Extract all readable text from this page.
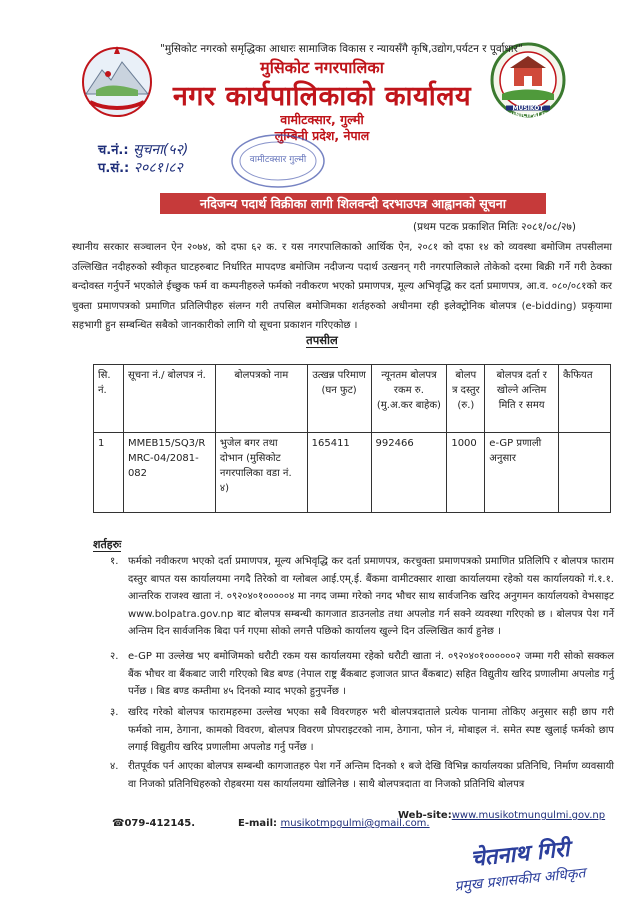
MUSIKOT MUNICIPALITY
"मुसिकोट नगरको समृद्धिका आधारः सामाजिक विकास र न्यायसँगै कृषि,उद्योग,पर्यटन र पूर्वाधार"
मुसिकोट नगरपालिका
नगर कार्यपालिकाको कार्यालय
वामीटक्सार, गुल्मी
लुम्बिनी प्रदेश, नेपाल
च.नं.: सुचना(५२)
प.सं.: २०८१।८२	वामीटक्सार गुल्मी
नदिजन्य पदार्थ विक्रीका लागी शिलवन्दी दरभाउपत्र आह्वानको सूचना
(प्रथम पटक प्रकाशित मितिः २०८१/०८/२७)
स्थानीय सरकार सञ्चालन ऐन २०७४, को दफा ६२ क. र यस नगरपालिकाको आर्थिक ऐन, २०८१ को दफा १४ को व्यवस्था बमोजिम तपसीलमा उल्लिखित नदीहरुको स्वीकृत घाटहरुबाट निर्धारित मापदण्ड बमोजिम नदीजन्य पदार्थ उत्खनन् गरी नगरपालिकाले तोकेको दरमा बिक्री गर्ने गरी ठेक्का बन्दोवस्त गर्नुपर्ने भएकोले ईच्छुक फर्म वा कम्पनीहरुले फर्मको नवीकरण भएको प्रमाणपत्र, मूल्य अभिवृद्धि कर दर्ता प्रमाणपत्र, आ.व. ०८०/०८१को कर चुक्ता प्रमाणपत्रको प्रमाणित प्रतिलिपीहरु संलग्न गरी तपसिल बमोजिमका शर्तहरुको अधीनमा रही इलेक्ट्रोनिक बोलपत्र (e-bidding) प्रकृयामा सहभागी हुन सम्बन्धित सबैको जानकारीको लागि यो सूचना प्रकाशन गरिएकोछ ।
तपसील
सि. नं.	सूचना नं./ बोलपत्र नं.	बोलपत्रको नाम	उत्खन्न परिमाण (घन फुट)	न्यूनतम बोलपत्र रकम रु. (मु.अ.कर बाहेक)	बोलप त्र दस्तुर (रु.)	बोलपत्र दर्ता र खोल्ने अन्तिम मिति र समय	कैफियत
1	MMEB15/SQ3/R MRC-04/2081-082	भुजेल बगर तथा दोभान (मुसिकोट नगरपालिका वडा नं. ४)	165411	992466	1000	e-GP प्रणाली अनुसार	
शर्तहरुः
१. फर्मको नवीकरण भएको दर्ता प्रमाणपत्र, मूल्य अभिवृद्धि कर दर्ता प्रमाणपत्र, करचुक्ता प्रमाणपत्रको प्रमाणित प्रतिलिपि र बोलपत्र फाराम दस्तुर बापत यस कार्यालयमा नगदै तिरेको वा ग्लोबल आई.एम्.ई. बैंकमा वामीटक्सार शाखा कार्यालयमा रहेको यस कार्यालयको गं.१.१. आन्तरिक राजश्व खाता नं. ०९२०४०१०००००४ मा नगद जम्मा गरेको नगद भौचर साथ सार्वजनिक खरिद अनुगमन कार्यालयको वेभसाइट www.bolpatra.gov.np बाट बोलपत्र सम्बन्धी कागजात डाउनलोड तथा अपलोड गर्न सक्ने व्यवस्था गरिएको छ । बोलपत्र पेश गर्ने अन्तिम दिन सार्वजनिक बिदा पर्न गएमा सोको लगत्तै पछिको कार्यालय खुल्ने दिन उल्लिखित कार्य हुनेछ ।
२. e-GP मा उल्लेख भए बमोजिमको धरौटी रकम यस कार्यालयमा रहेको धरौटी खाता नं. ०९२०४०१००००००२ जम्मा गरी सोको सक्कल बैंक भौचर वा बैंकबाट जारी गरिएको बिड बण्ड (नेपाल राष्ट्र बैंकबाट इजाजत प्राप्त बैंकबाट) सहित विद्युतीय खरिद प्रणालीमा अपलोड गर्नु पर्नेछ । बिड बण्ड कम्तीमा ४५ दिनको म्याद भएको हुनुपर्नेछ ।
३. खरिद गरेको बोलपत्र फारामहरुमा उल्लेख भएका सबै विवरणहरु भरी बोलपत्रदाताले प्रत्येक पानामा तोकिए अनुसार सही छाप गरी फर्मको नाम, ठेगाना, कामको विवरण, बोलपत्र विवरण प्रोपराइटरको नाम, ठेगाना, फोन नं, मोबाइल नं. समेत स्पष्ट खुलाई फर्मको छाप लगाई विद्युतीय खरिद प्रणालीमा अपलोड गर्नु पर्नेछ ।
४. रीतपूर्वक पर्न आएका बोलपत्र सम्बन्धी कागजातहरु पेश गर्ने अन्तिम दिनको १ बजे देखि विभिन्न कार्यालयका प्रतिनिधि, निर्माण व्यवसायी वा निजको प्रतिनिधिहरुको रोहबरमा यस कार्यालयमा खोलिनेछ । साथै बोलपत्रदाता वा निजको प्रतिनिधि बोलपत्र
☎079-412145.	E-mail: musikotmpgulmi@gmail.com.
Web-site:www.musikotmungulmi.gov.np
चेतनाथ गिरी
प्रमुख प्रशासकीय अधिकृत
